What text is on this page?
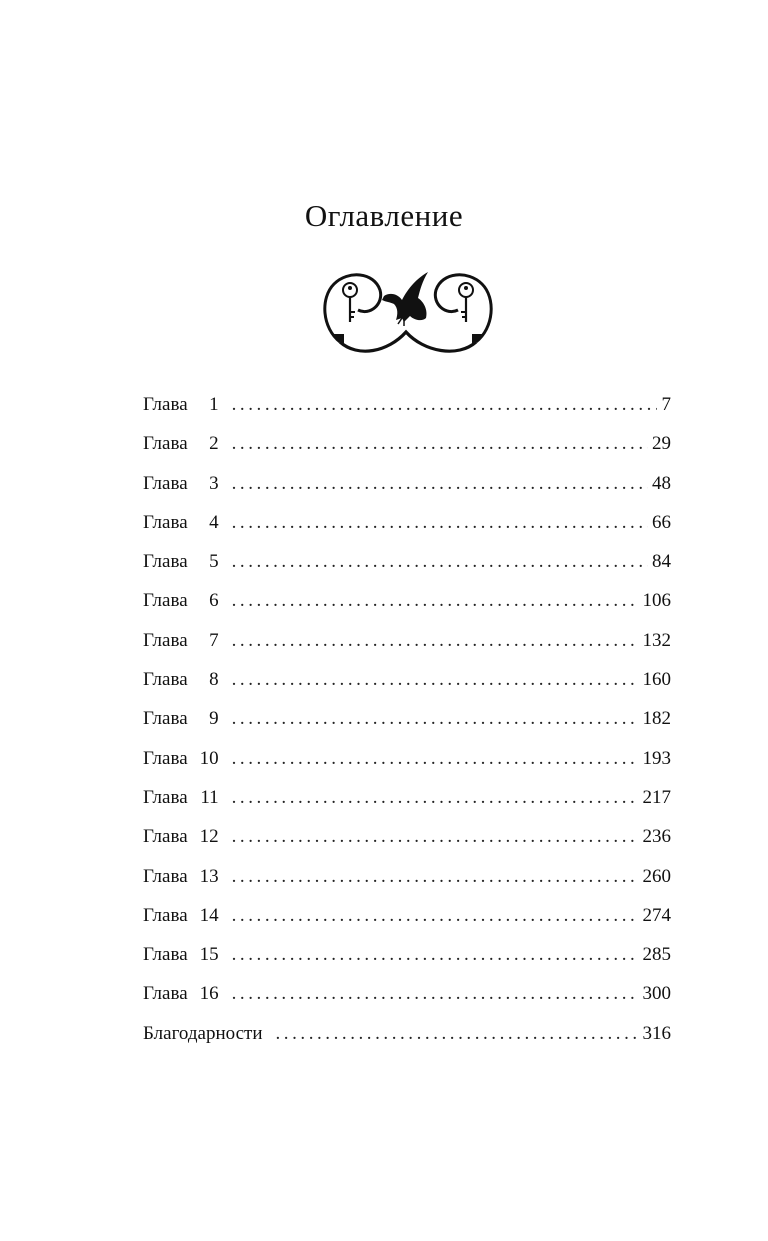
Оглавление
Глава	1 . . .	7
Глава	2 . . .	29
Глава	3 . . .	48
Глава	4 . . .	66
Глава	5 . . .	84
Глава	6 . . .	106
Глава	7 . . .	132
Глава	8 . . .	160
Глава	9 . . .	182
Глава 10 . . .	193
Глава 11 . . .	217
Глава 12 . . .	236
Глава 13 . . .	260
Глава 14 . . .	274
Глава 15 . . .	285
Глава 16 . . .	300
Благодарности . . .	316
